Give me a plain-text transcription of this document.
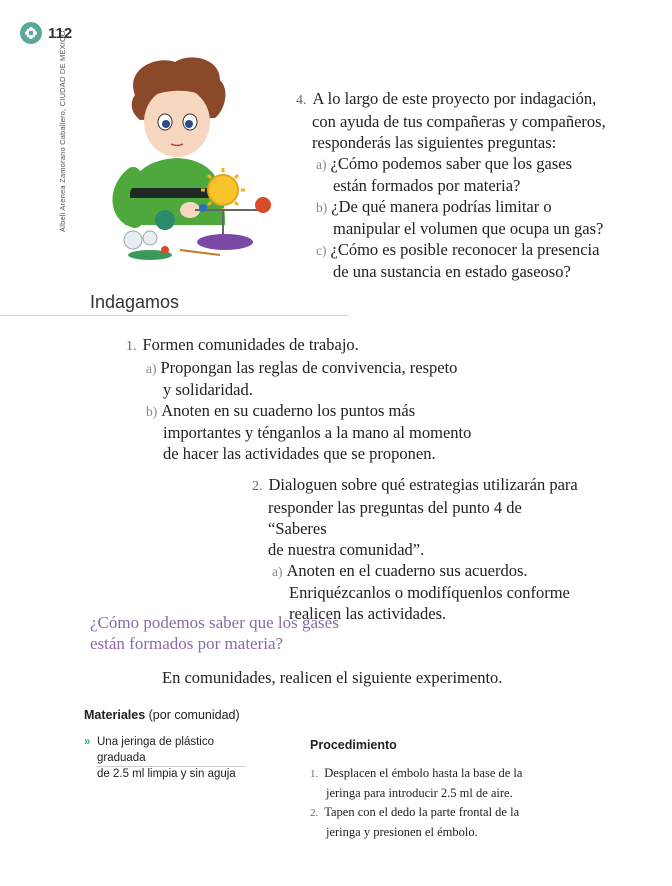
112
Albeli Arenea Zamorano Caballero, CIUDAD DE MÉXICO	4. A lo largo de este proyecto por indagación,
con ayuda de tus compañeras y compañeros,
responderás las siguientes preguntas:
a) ¿Cómo podemos saber que los gases
están formados por materia?
b) ¿De qué manera podrías limitar o
manipular el volumen que ocupa un gas?
c) ¿Cómo es posible reconocer la presencia
de una sustancia en estado gaseoso?
Indagamos
1. Formen comunidades de trabajo.
a) Propongan las reglas de convivencia, respeto
y solidaridad.
b) Anoten en su cuaderno los puntos más
importantes y ténganlos a la mano al momento
de hacer las actividades que se proponen.
2. Dialoguen sobre qué estrategias utilizarán para
responder las preguntas del punto 4 de “Saberes
de nuestra comunidad”.
a) Anoten en el cuaderno sus acuerdos.
Enriquézcanlos o modifíquenlos conforme
realicen las actividades.
¿Cómo podemos saber que los gases
están formados por materia?
En comunidades, realicen el siguiente experimento.
Materiales (por comunidad)
» Una jeringa de plástico graduada
de 2.5 ml limpia y sin aguja
Procedimiento
1. Desplacen el émbolo hasta la base de la
jeringa para introducir 2.5 ml de aire.
2. Tapen con el dedo la parte frontal de la
jeringa y presionen el émbolo.
